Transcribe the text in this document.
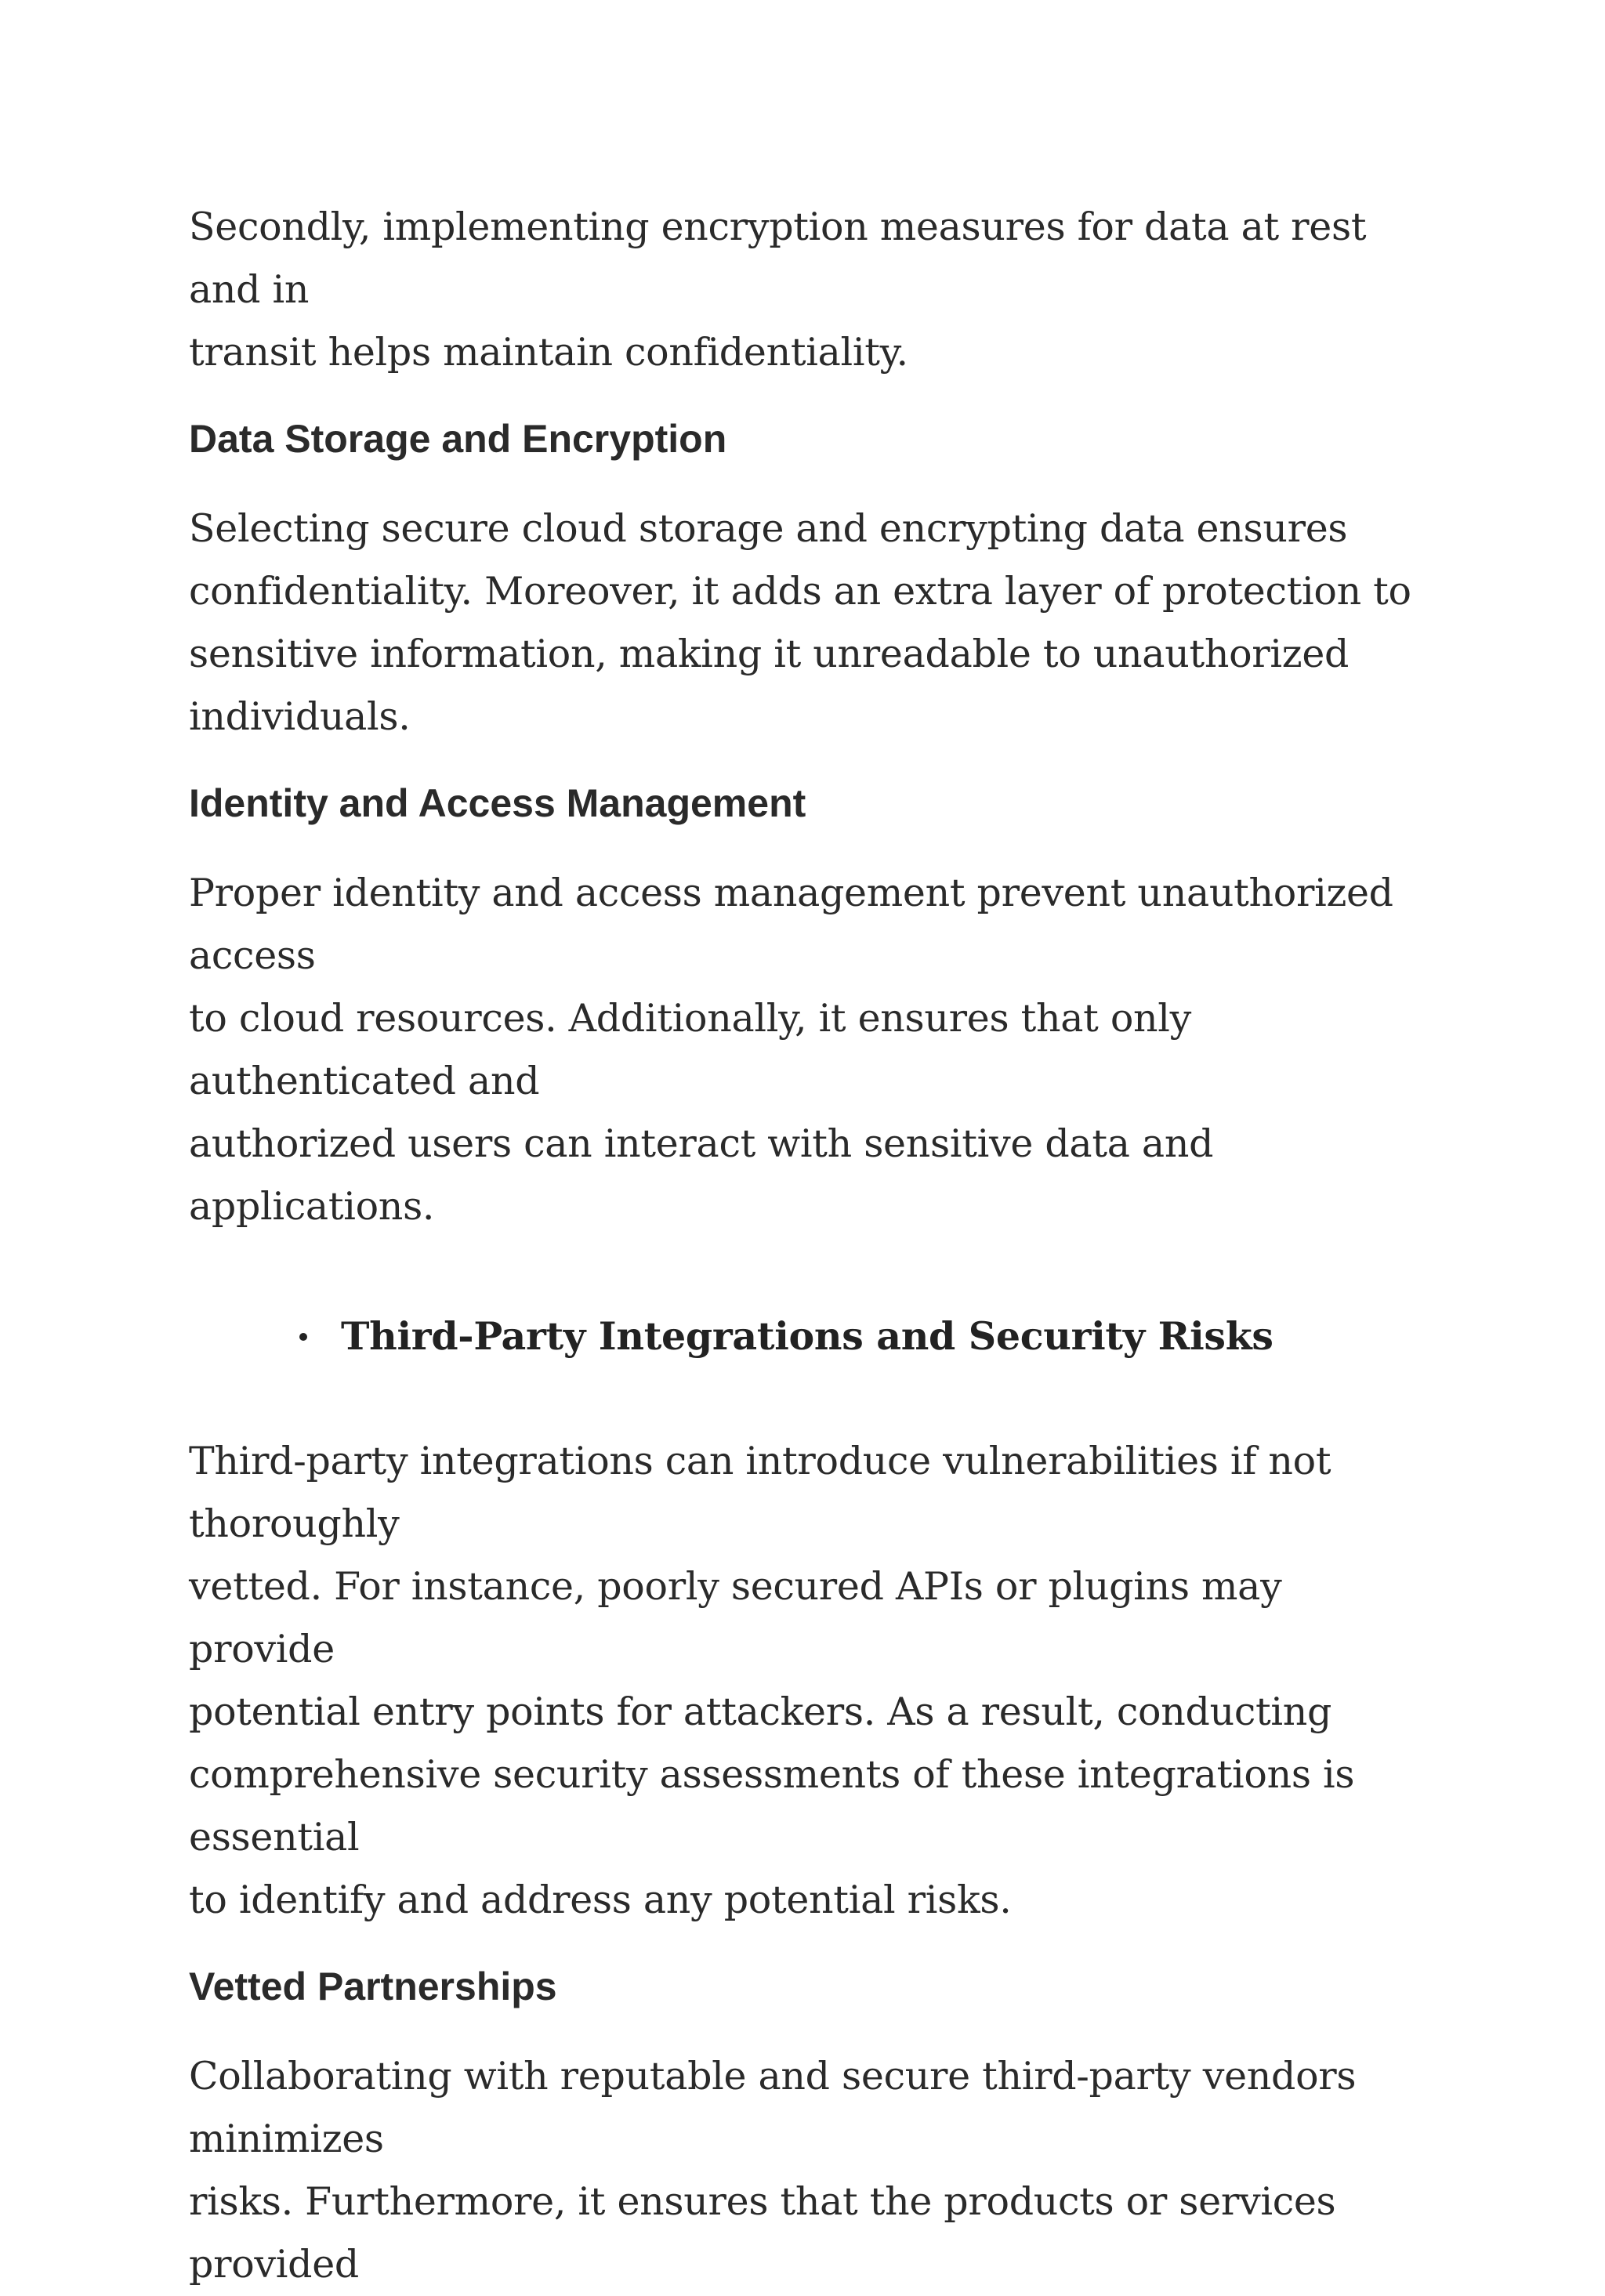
Secondly, implementing encryption measures for data at rest and in
transit helps maintain confidentiality.

Data Storage and Encryption

Selecting secure cloud storage and encrypting data ensures
confidentiality. Moreover, it adds an extra layer of protection to
sensitive information, making it unreadable to unauthorized
individuals.

Identity and Access Management

Proper identity and access management prevent unauthorized access
to cloud resources. Additionally, it ensures that only authenticated and
authorized users can interact with sensitive data and applications.

Third-Party Integrations and Security Risks

Third-party integrations can introduce vulnerabilities if not thoroughly
vetted. For instance, poorly secured APIs or plugins may provide
potential entry points for attackers. As a result, conducting
comprehensive security assessments of these integrations is essential
to identify and address any potential risks.

Vetted Partnerships

Collaborating with reputable and secure third-party vendors minimizes
risks. Furthermore, it ensures that the products or services provided
